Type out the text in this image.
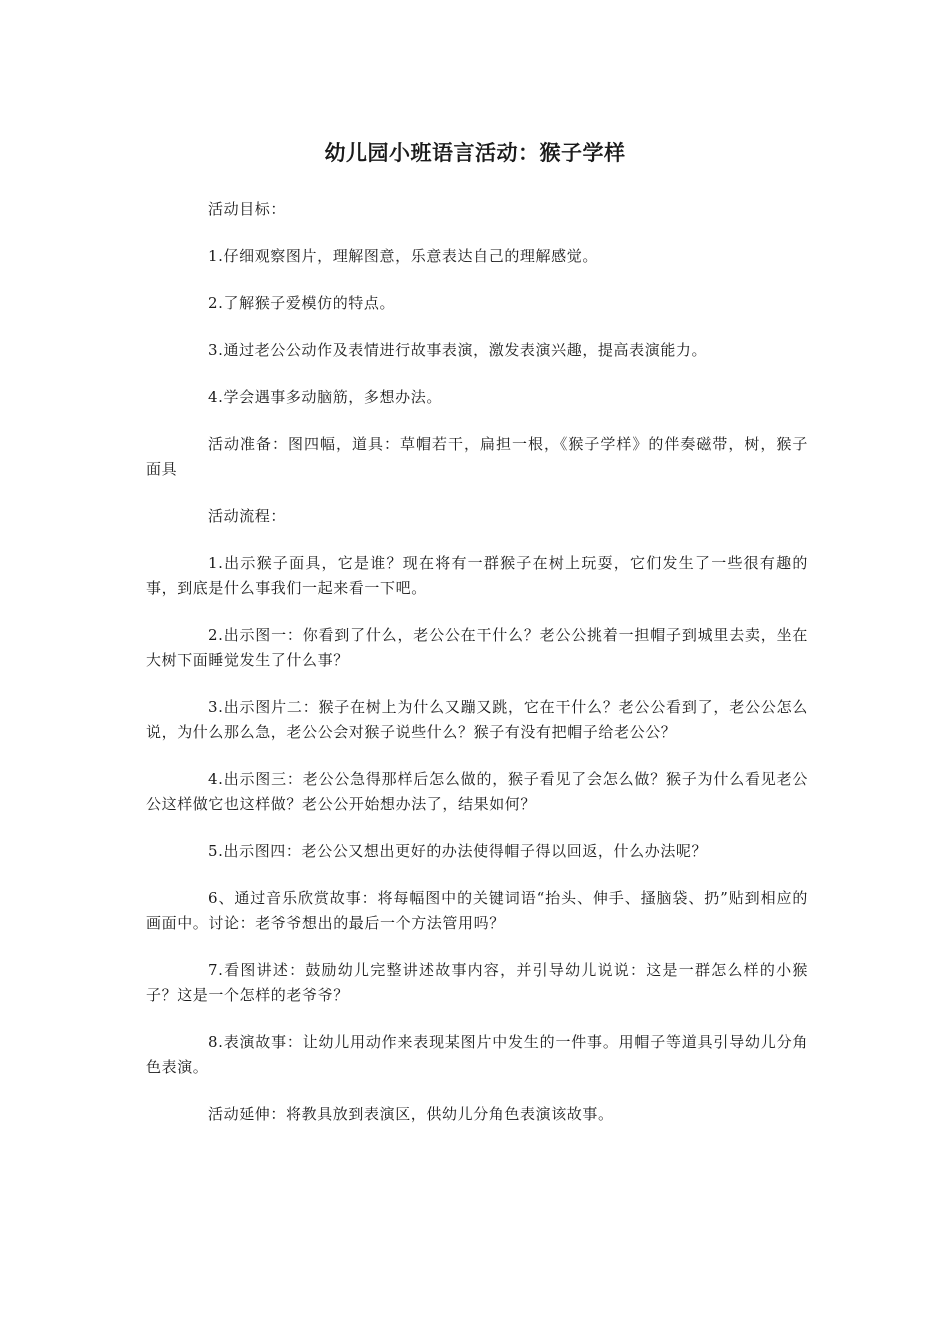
幼儿园小班语言活动：猴子学样

活动目标：

1.仔细观察图片，理解图意，乐意表达自己的理解感觉。

2.了解猴子爱模仿的特点。

3.通过老公公动作及表情进行故事表演，激发表演兴趣，提高表演能力。

4.学会遇事多动脑筋，多想办法。

活动准备：图四幅，道具：草帽若干，扁担一根，《猴子学样》的伴奏磁带，树，猴子面具

活动流程：

1.出示猴子面具，它是谁？现在将有一群猴子在树上玩耍，它们发生了一些很有趣的事，到底是什么事我们一起来看一下吧。

2.出示图一：你看到了什么，老公公在干什么？老公公挑着一担帽子到城里去卖，坐在大树下面睡觉发生了什么事？

3.出示图片二：猴子在树上为什么又蹦又跳，它在干什么？老公公看到了，老公公怎么说，为什么那么急，老公公会对猴子说些什么？猴子有没有把帽子给老公公？

4.出示图三：老公公急得那样后怎么做的，猴子看见了会怎么做？猴子为什么看见老公公这样做它也这样做？老公公开始想办法了，结果如何？

5.出示图四：老公公又想出更好的办法使得帽子得以回返，什么办法呢？

6、通过音乐欣赏故事：将每幅图中的关键词语“抬头、伸手、搔脑袋、扔”贴到相应的画面中。讨论：老爷爷想出的最后一个方法管用吗？

7.看图讲述：鼓励幼儿完整讲述故事内容，并引导幼儿说说：这是一群怎么样的小猴子？这是一个怎样的老爷爷？

8.表演故事：让幼儿用动作来表现某图片中发生的一件事。用帽子等道具引导幼儿分角色表演。

活动延伸：将教具放到表演区，供幼儿分角色表演该故事。
